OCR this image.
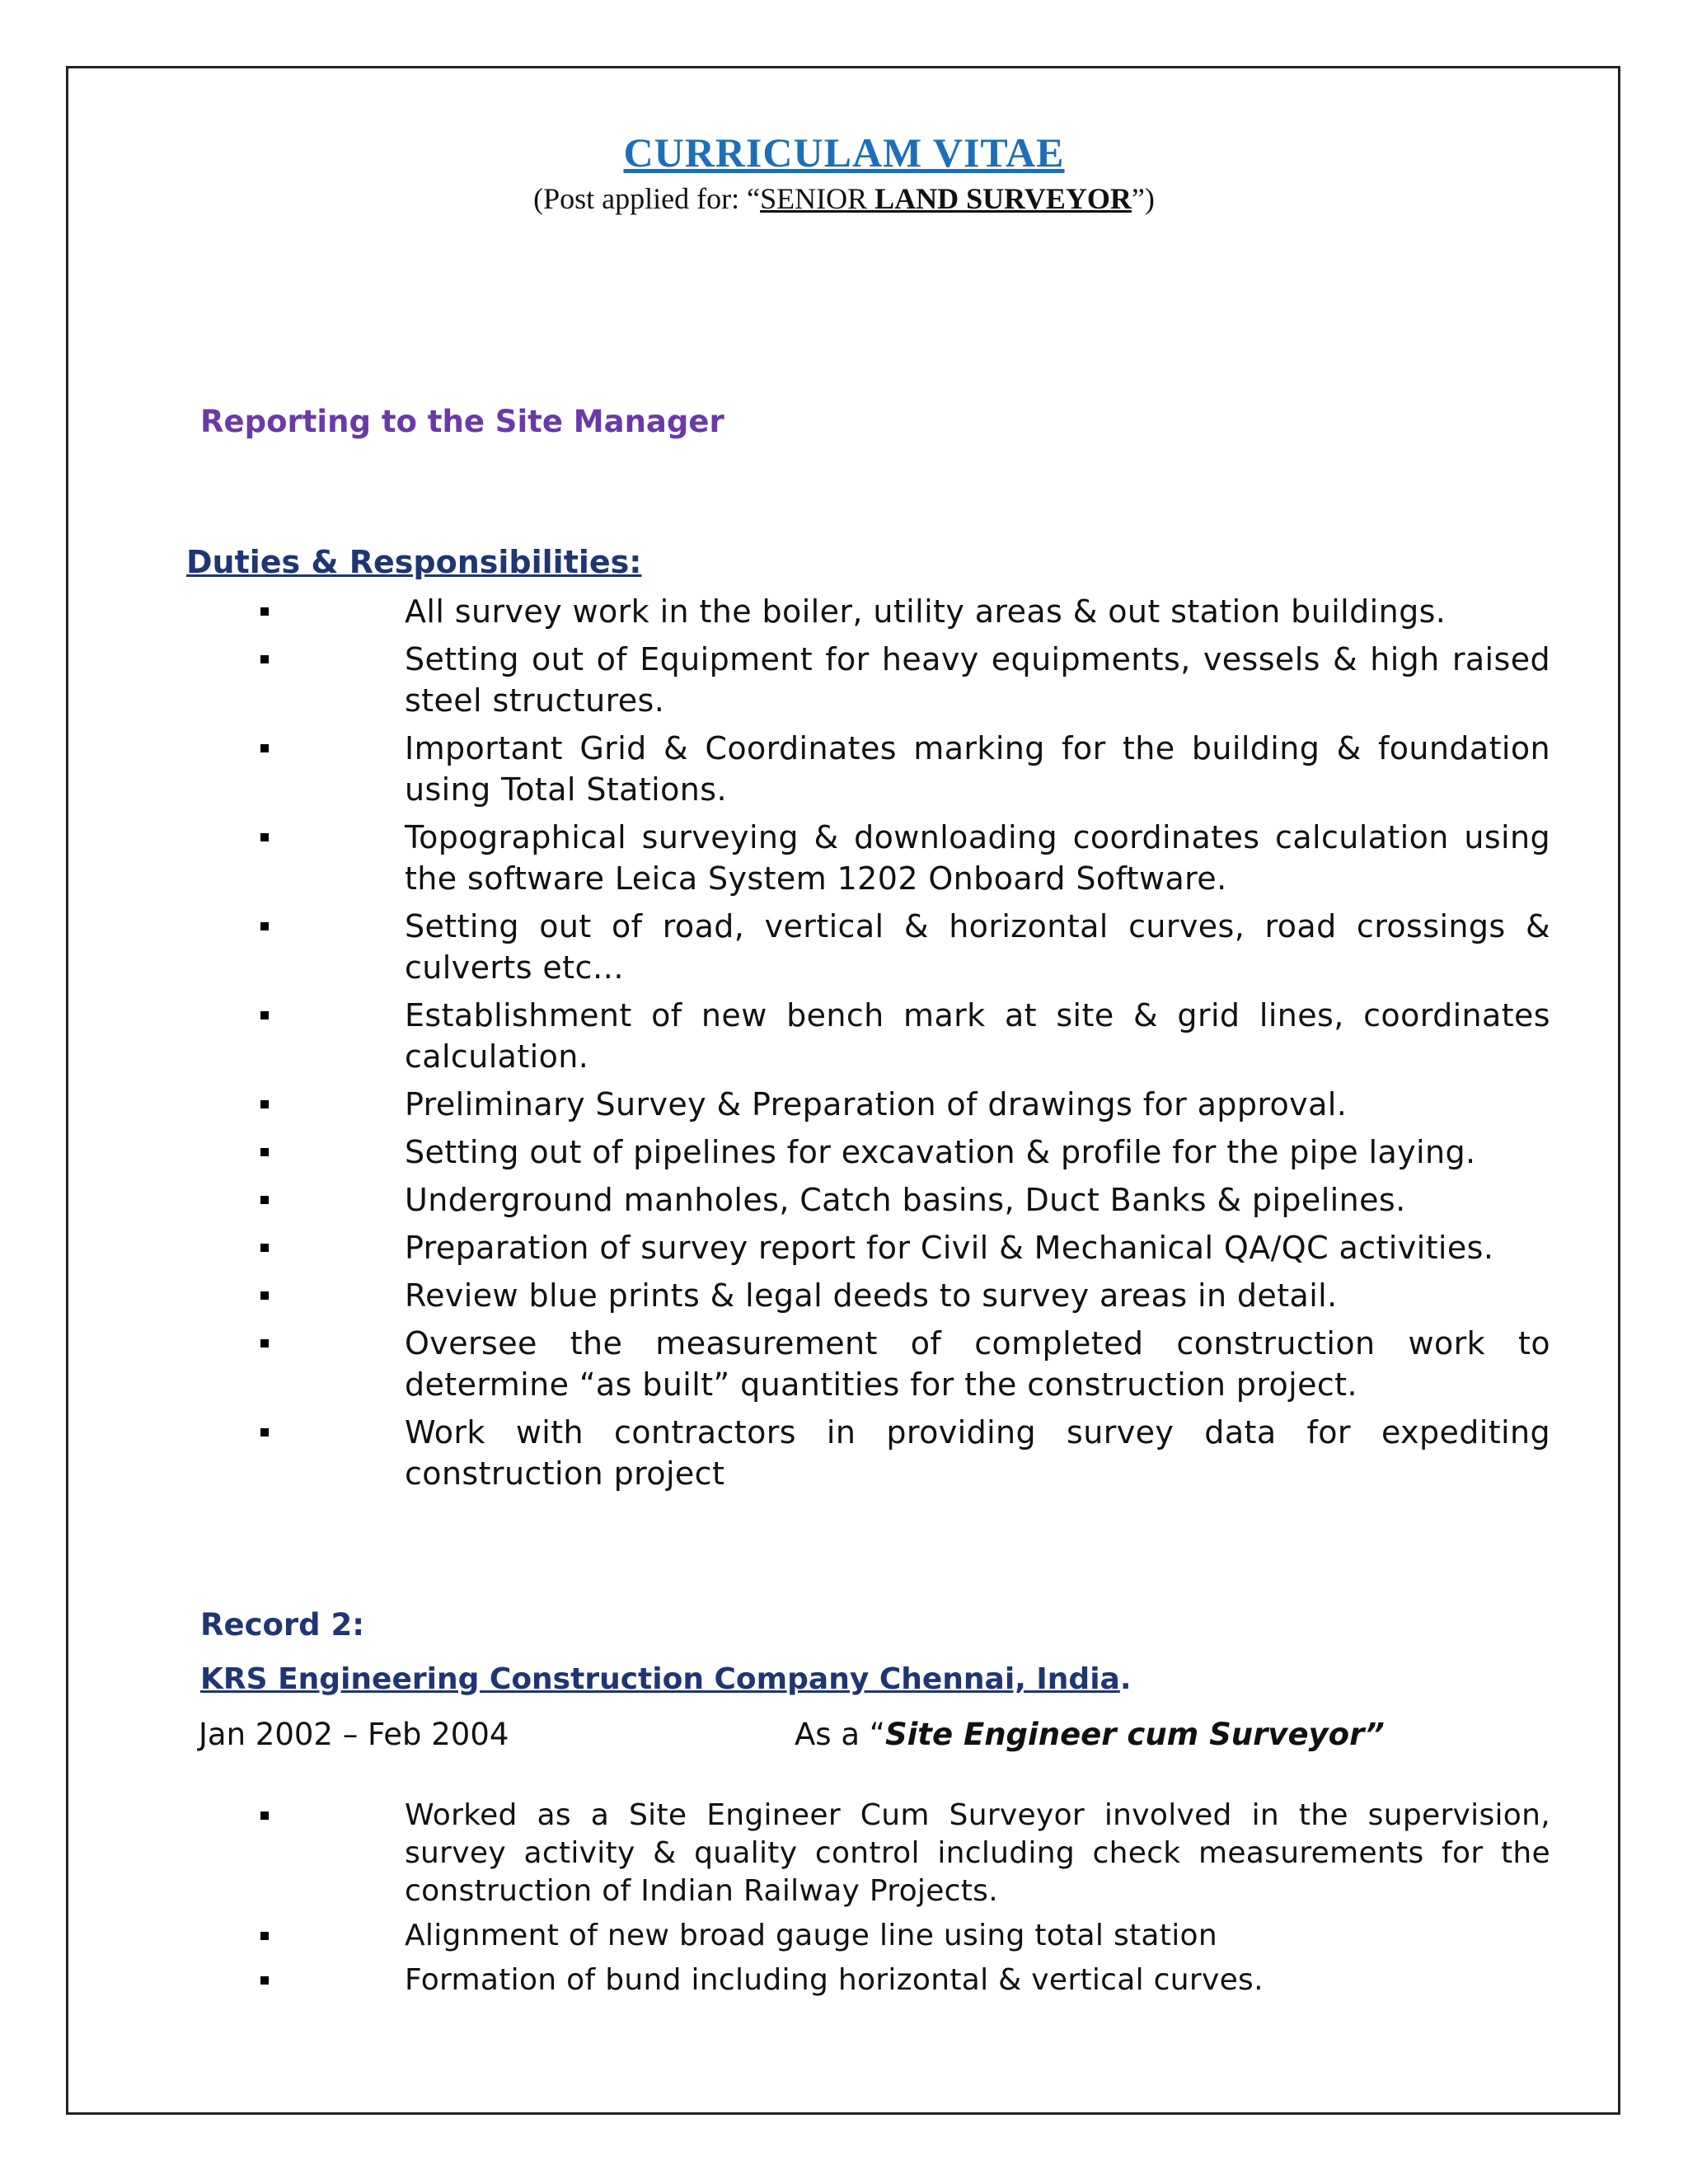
CURRICULAM VITAE
(Post applied for: “SENIOR LAND SURVEYOR”)
Reporting to the Site Manager
Duties & Responsibilities:
All survey work in the boiler, utility areas & out station buildings.
Setting out of Equipment for heavy equipments, vessels & high raised steel structures.
Important Grid & Coordinates marking for the building & foundation using Total Stations.
Topographical surveying & downloading coordinates calculation using the software Leica System 1202 Onboard Software.
Setting out of road, vertical & horizontal curves, road crossings & culverts etc…
Establishment of new bench mark at site & grid lines, coordinates calculation.
Preliminary Survey & Preparation of drawings for approval.
Setting out of pipelines for excavation & profile for the pipe laying.
Underground manholes, Catch basins, Duct Banks & pipelines.
Preparation of survey report for Civil & Mechanical QA/QC activities.
Review blue prints & legal deeds to survey areas in detail.
Oversee the measurement of completed construction work to determine “as built” quantities for the construction project.
Work with contractors in providing survey data for expediting construction project
Record 2:
KRS Engineering Construction Company Chennai, India.
Jan 2002 – Feb 2004	As a “Site Engineer cum Surveyor”
Worked as a Site Engineer Cum Surveyor involved in the supervision, survey activity & quality control including check measurements for the construction of Indian Railway Projects.
Alignment of new broad gauge line using total station
Formation of bund including horizontal & vertical curves.
